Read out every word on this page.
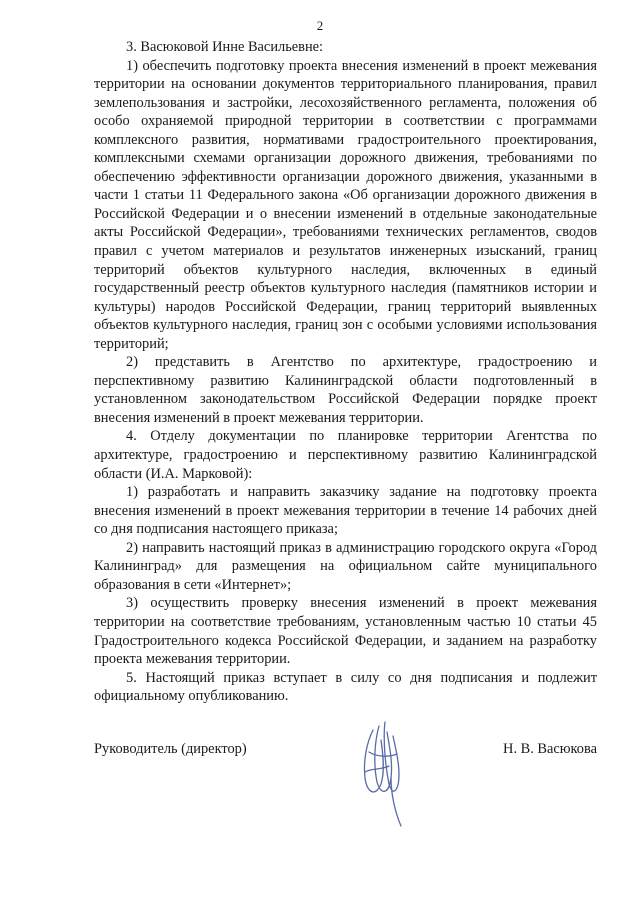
2

3. Васюковой Инне Васильевне:

1) обеспечить подготовку проекта внесения изменений в проект межевания территории на основании документов территориального планирования, правил землепользования и застройки, лесохозяйственного регламента, положения об особо охраняемой природной территории в соответствии с программами комплексного развития, нормативами градостроительного проектирования, комплексными схемами организации дорожного движения, требованиями по обеспечению эффективности организации дорожного движения, указанными в части 1 статьи 11 Федерального закона «Об организации дорожного движения в Российской Федерации и о внесении изменений в отдельные законодательные акты Российской Федерации», требованиями технических регламентов, сводов правил с учетом материалов и результатов инженерных изысканий, границ территорий объектов культурного наследия, включенных в единый государственный реестр объектов культурного наследия (памятников истории и культуры) народов Российской Федерации, границ территорий выявленных объектов культурного наследия, границ зон с особыми условиями использования территорий;

2) представить в Агентство по архитектуре, градостроению и перспективному развитию Калининградской области подготовленный в установленном законодательством Российской Федерации порядке проект внесения изменений в проект межевания территории.

4. Отделу документации по планировке территории Агентства по архитектуре, градостроению и перспективному развитию Калининградской области (И.А. Марковой):

1) разработать и направить заказчику задание на подготовку проекта внесения изменений в проект межевания территории в течение 14 рабочих дней со дня подписания настоящего приказа;

2) направить настоящий приказ в администрацию городского округа «Город Калининград» для размещения на официальном сайте муниципального образования в сети «Интернет»;

3) осуществить проверку внесения изменений в проект межевания территории на соответствие требованиям, установленным частью 10 статьи 45 Градостроительного кодекса Российской Федерации, и заданием на разработку проекта межевания территории.

5. Настоящий приказ вступает в силу со дня подписания и подлежит официальному опубликованию.

Руководитель (директор)	Н. В. Васюкова
